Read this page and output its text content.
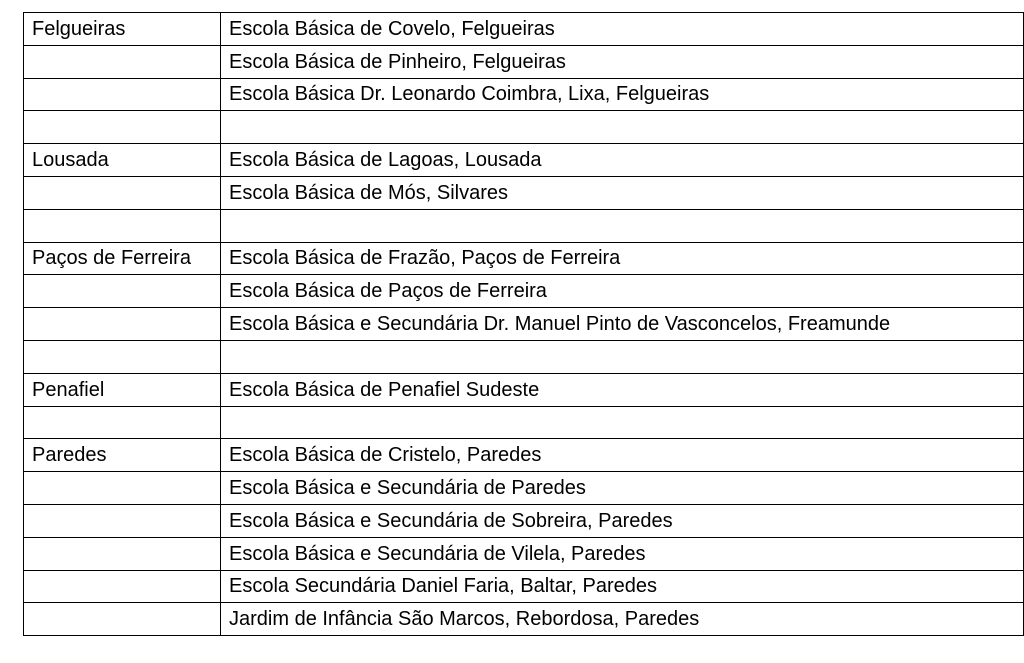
Felgueiras	Escola Básica de Covelo, Felgueiras
	Escola Básica de Pinheiro, Felgueiras
	Escola Básica Dr. Leonardo Coimbra, Lixa, Felgueiras

Lousada	Escola Básica de Lagoas, Lousada
	Escola Básica de Mós, Silvares

Paços de Ferreira	Escola Básica de Frazão, Paços de Ferreira
	Escola Básica de Paços de Ferreira
	Escola Básica e Secundária Dr. Manuel Pinto de Vasconcelos, Freamunde

Penafiel	Escola Básica de Penafiel Sudeste

Paredes	Escola Básica de Cristelo, Paredes
	Escola Básica e Secundária de Paredes
	Escola Básica e Secundária de Sobreira, Paredes
	Escola Básica e Secundária de Vilela, Paredes
	Escola Secundária Daniel Faria, Baltar, Paredes
	Jardim de Infância São Marcos, Rebordosa, Paredes
